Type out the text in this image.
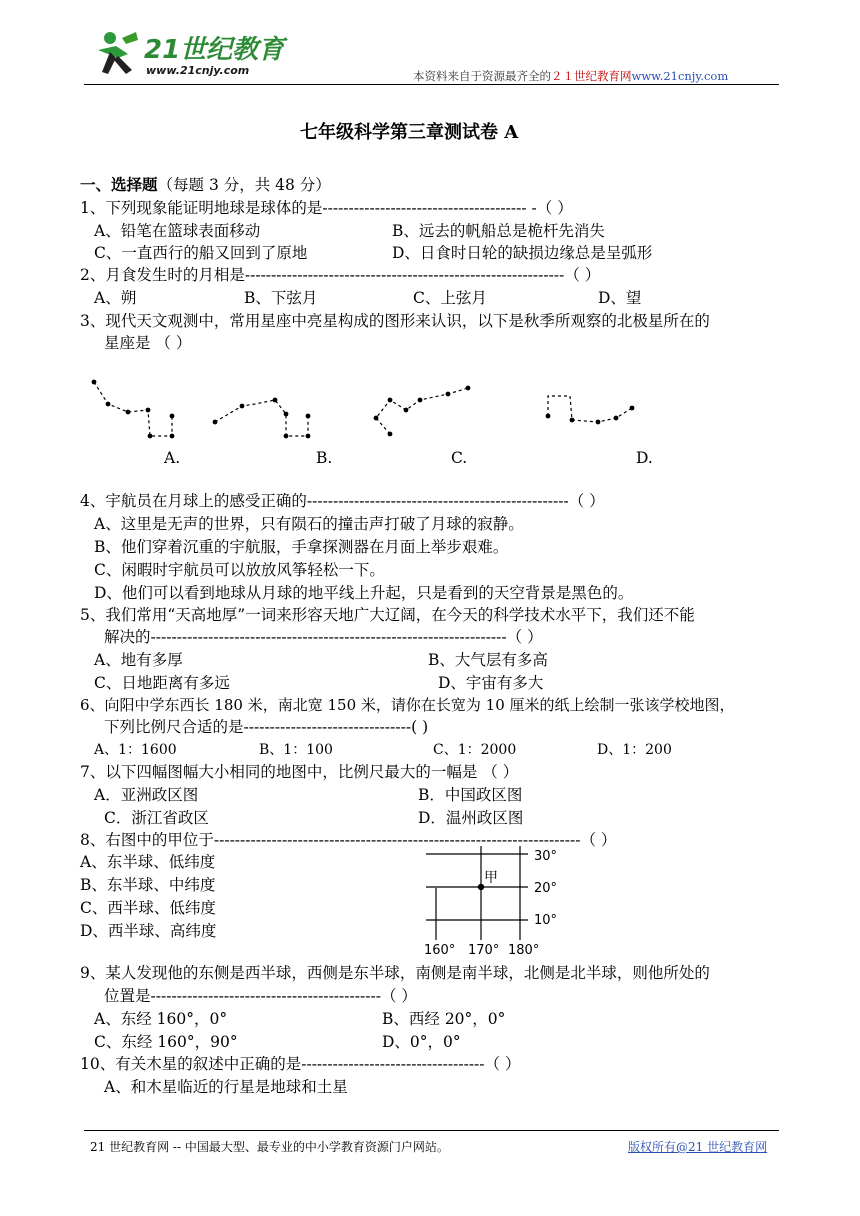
21世纪教育
www.21cnjy.com	本资料来自于资源最齐全的２１世纪教育网www.21cnjy.com
七年级科学第三章测试卷 A
一、选择题（每题 3 分，共 48 分）
1、下列现象能证明地球是球体的是--------------------------------------- -（ ）
A、铅笔在篮球表面移动	B、远去的帆船总是桅杆先消失
C、一直西行的船又回到了原地	D、日食时日轮的缺损边缘总是呈弧形
2、月食发生时的月相是-------------------------------------------------------------（ ）
A、朔	B、下弦月	C、上弦月	D、望
3、现代天文观测中，常用星座中亮星构成的图形来认识，以下是秋季所观察的北极星所在的
星座是 （ ）
A.	B.	C.	D.
4、宇航员在月球上的感受正确的--------------------------------------------------（ ）
A、这里是无声的世界，只有陨石的撞击声打破了月球的寂静。
B、他们穿着沉重的宇航服，手拿探测器在月面上举步艰难。
C、闲暇时宇航员可以放放风筝轻松一下。
D、他们可以看到地球从月球的地平线上升起，只是看到的天空背景是黑色的。
5、我们常用“天高地厚”一词来形容天地广大辽阔，在今天的科学技术水平下，我们还不能
解决的--------------------------------------------------------------------（ ）
A、地有多厚	B、大气层有多高
C、日地距离有多远	D、宇宙有多大
6、向阳中学东西长 180 米，南北宽 150 米，请你在长宽为 10 厘米的纸上绘制一张该学校地图，
下列比例尺合适的是--------------------------------( )
A、1：1600	B、1：100	C、1：2000	D、1：200
7、以下四幅图幅大小相同的地图中，比例尺最大的一幅是 （ ）
A．亚洲政区图	B．中国政区图
C．浙江省政区	D．温州政区图
8、右图中的甲位于----------------------------------------------------------------------（ ）
A、东半球、低纬度
B、东半球、中纬度
C、西半球、低纬度
D、西半球、高纬度
甲
30°
20°
10°
160° 170° 180°
9、某人发现他的东侧是西半球，西侧是东半球，南侧是南半球，北侧是北半球，则他所处的
位置是--------------------------------------------（ ）
A、东经 160°，0°	B、西经 20°，0°
C、东经 160°，90°	D、0°，0°
10、有关木星的叙述中正确的是-----------------------------------（ ）
A、和木星临近的行星是地球和土星
21 世纪教育网 -- 中国最大型、最专业的中小学教育资源门户网站。	版权所有@21 世纪教育网
